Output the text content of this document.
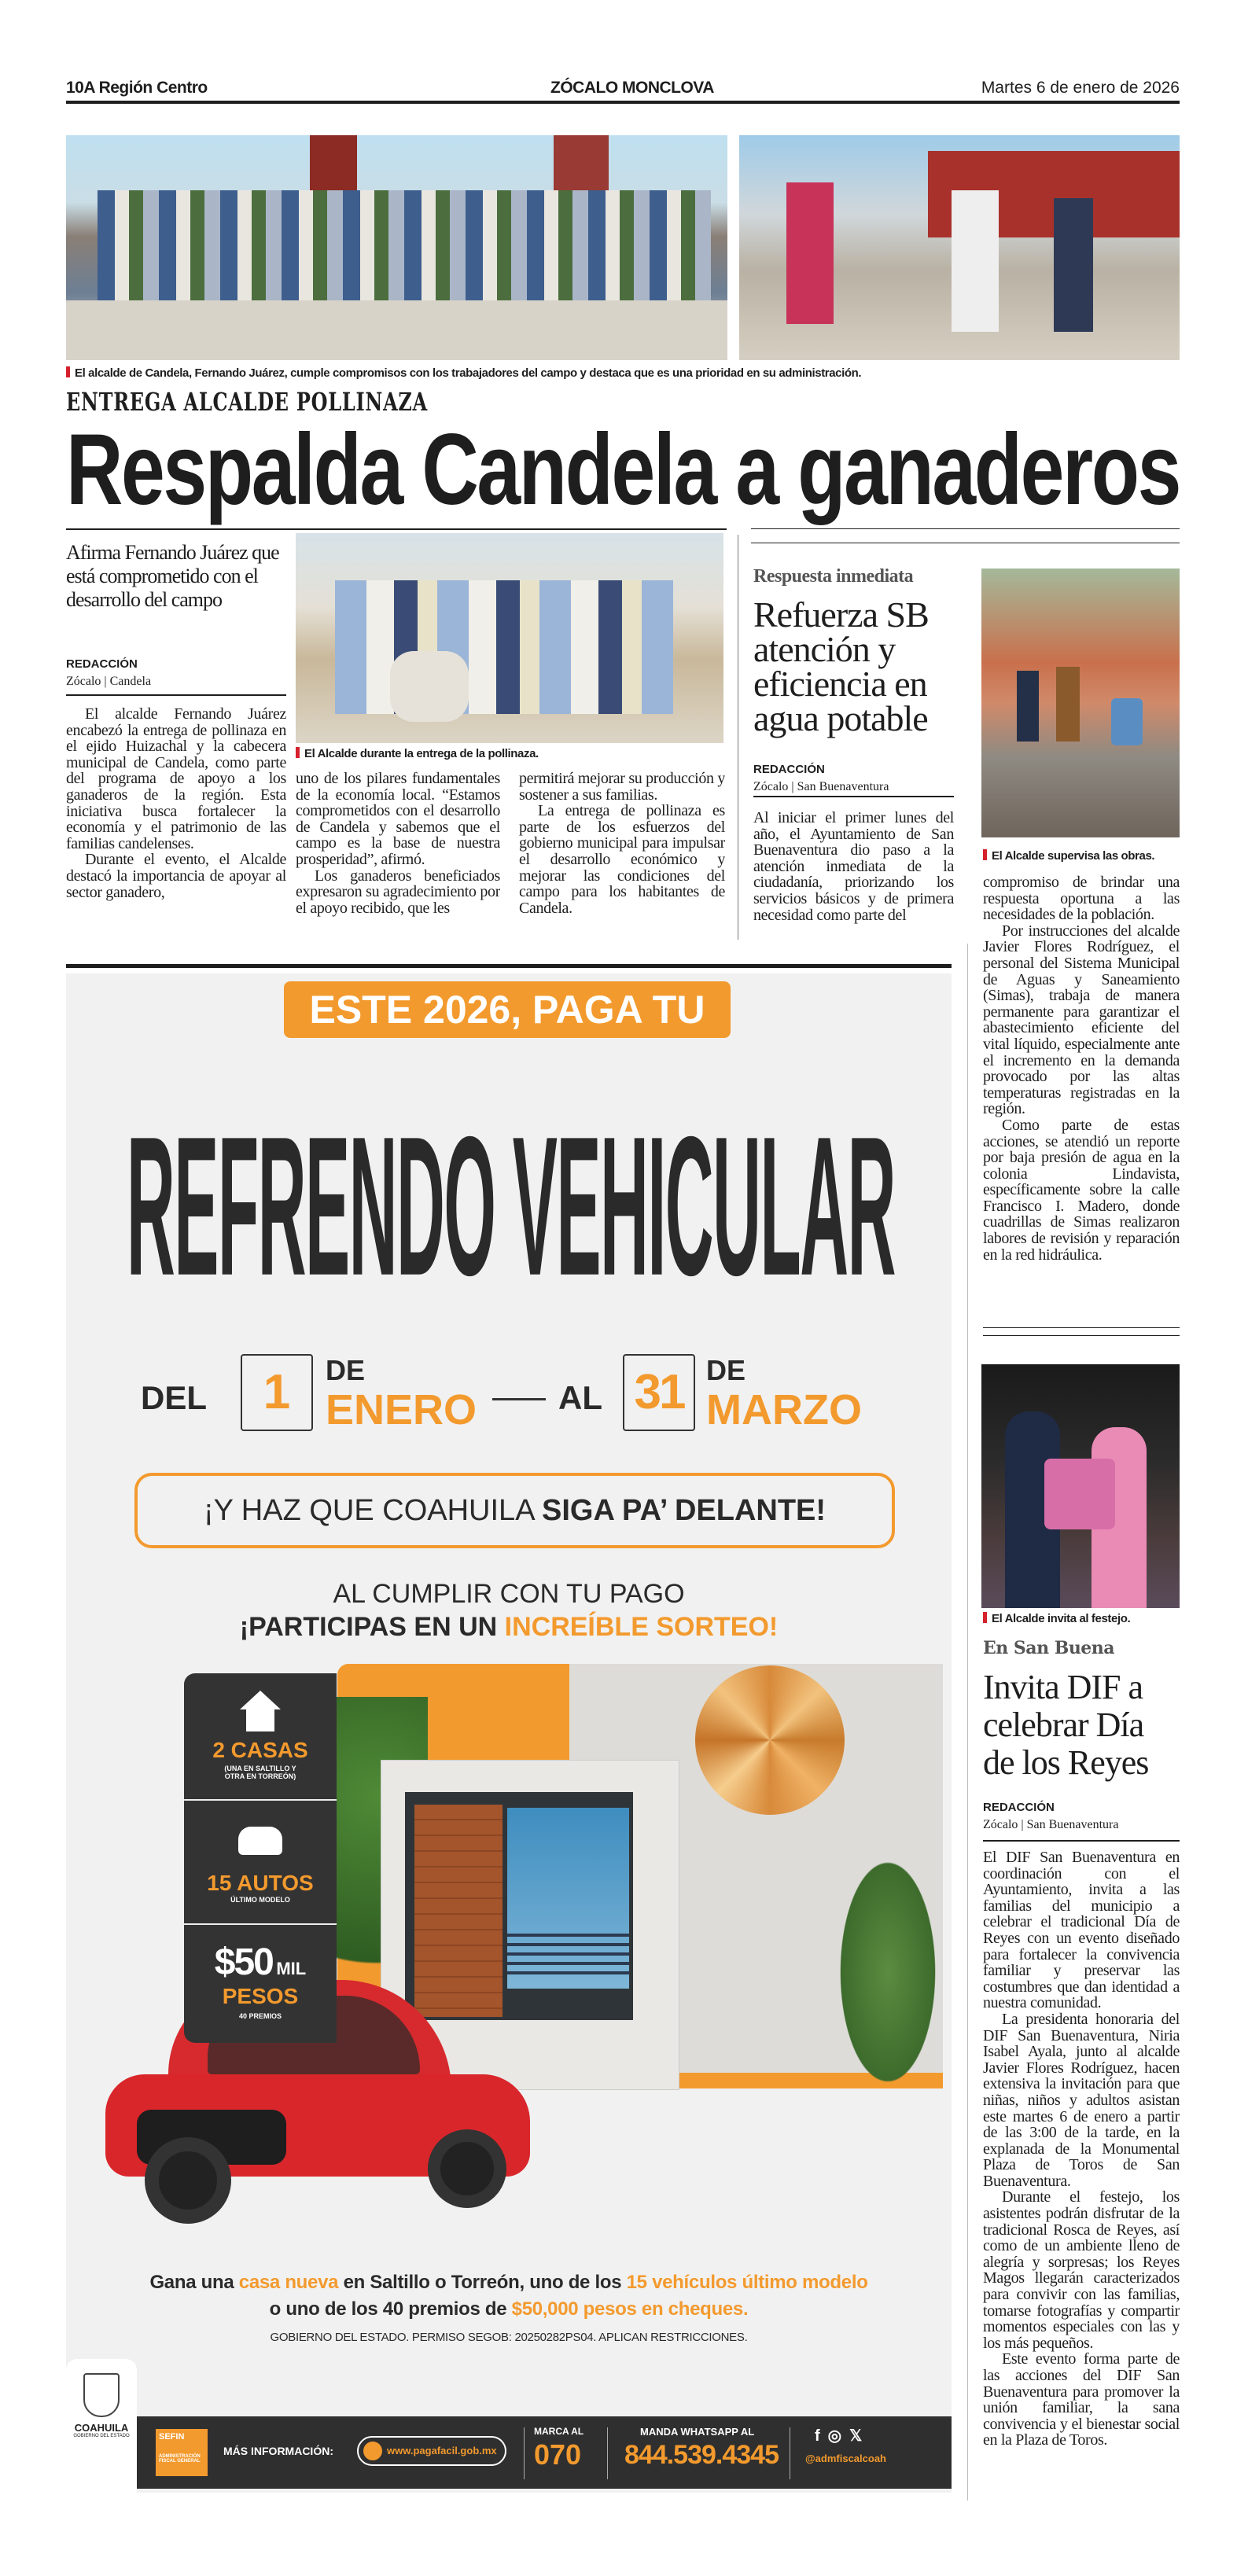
10A Región Centro	ZÓCALO MONCLOVA	Martes 6 de enero de 2026
El alcalde de Candela, Fernando Juárez, cumple compromisos con los trabajadores del campo y destaca que es una prioridad en su administración.
ENTREGA ALCALDE POLLINAZA
Respalda Candela a ganaderos
Afirma Fernando Juárez que está comprometido con el desarrollo del campo
REDACCIÓN
Zócalo | Candela

El alcalde Fernando Juárez encabezó la entrega de pollinaza en el ejido Huizachal y la cabecera municipal de Candela, como parte del programa de apoyo a los ganaderos de la región. Esta iniciativa busca fortalecer la economía y el patrimonio de las familias candelenses.

Durante el evento, el Alcalde destacó la importancia de apoyar al sector ganadero,

El Alcalde durante la entrega de la pollinaza.

uno de los pilares fundamentales de la economía local. “Estamos comprometidos con el desarrollo de Candela y sabemos que el campo es la base de nuestra prosperidad”, afirmó.

Los ganaderos beneficiados expresaron su agradecimiento por el apoyo recibido, que les

permitirá mejorar su producción y sostener a sus familias.

La entrega de pollinaza es parte de los esfuerzos del gobierno municipal para impulsar el desarrollo económico y mejorar las condiciones del campo para los habitantes de Candela.

Respuesta inmediata
Refuerza SB atención y eficiencia en agua potable
REDACCIÓN
Zócalo | San Buenaventura

Al iniciar el primer lunes del año, el Ayuntamiento de San Buenaventura dio paso a la atención inmediata de la ciudadanía, priorizando los servicios básicos y de primera necesidad como parte del

El Alcalde supervisa las obras.

compromiso de brindar una respuesta oportuna a las necesidades de la población.

Por instrucciones del alcalde Javier Flores Rodríguez, el personal del Sistema Municipal de Aguas y Saneamiento (Simas), trabaja de manera permanente para garantizar el abastecimiento eficiente del vital líquido, especialmente ante el incremento en la demanda provocado por las altas temperaturas registradas en la región.

Como parte de estas acciones, se atendió un reporte por baja presión de agua en la colonia Lindavista, específicamente sobre la calle Francisco I. Madero, donde cuadrillas de Simas realizaron labores de revisión y reparación en la red hidráulica.

El Alcalde invita al festejo.
En San Buena
Invita DIF a celebrar Día de los Reyes
REDACCIÓN
Zócalo | San Buenaventura

El DIF San Buenaventura en coordinación con el Ayuntamiento, invita a las familias del municipio a celebrar el tradicional Día de Reyes con un evento diseñado para fortalecer la convivencia familiar y preservar las costumbres que dan identidad a nuestra comunidad.

La presidenta honoraria del DIF San Buenaventura, Niria Isabel Ayala, junto al alcalde Javier Flores Rodríguez, hacen extensiva la invitación para que niñas, niños y adultos asistan este martes 6 de enero a partir de las 3:00 de la tarde, en la explanada de la Monumental Plaza de Toros de San Buenaventura.

Durante el festejo, los asistentes podrán disfrutar de la tradicional Rosca de Reyes, así como de un ambiente lleno de alegría y sorpresas; los Reyes Magos llegarán caracterizados para convivir con las familias, tomarse fotografías y compartir momentos especiales con las y los más pequeños.

Este evento forma parte de las acciones del DIF San Buenaventura para promover la unión familiar, la sana convivencia y el bienestar social en la Plaza de Toros.

ESTE 2026, PAGA TU
REFRENDO VEHICULAR
DEL	1	DE
ENERO AL 31 DE
MARZO
¡Y HAZ QUE COAHUILA SIGA PA’ DELANTE!
AL CUMPLIR CON TU PAGO
¡PARTICIPAS EN UN INCREÍBLE SORTEO!
2 CASAS
(UNA EN SALTILLO Y OTRA EN TORREÓN)
15 AUTOS
ÚLTIMO MODELO
$50 MIL
PESOS
40 PREMIOS
Gana una casa nueva en Saltillo o Torreón, uno de los 15 vehículos último modelo o uno de los 40 premios de $50,000 pesos en cheques.
GOBIERNO DEL ESTADO. PERMISO SEGOB: 20250282PS04. APLICAN RESTRICCIONES.
COAHUILA
GOBIERNO DEL ESTADO	SEFIN
ADMINISTRACIÓN FISCAL GENERAL
MÁS INFORMACIÓN:	www.pagafacil.gob.mx
MARCA AL
070
MANDA WHATSAPP AL
844.539.4345
f◎𝕏
@admfiscalcoah
